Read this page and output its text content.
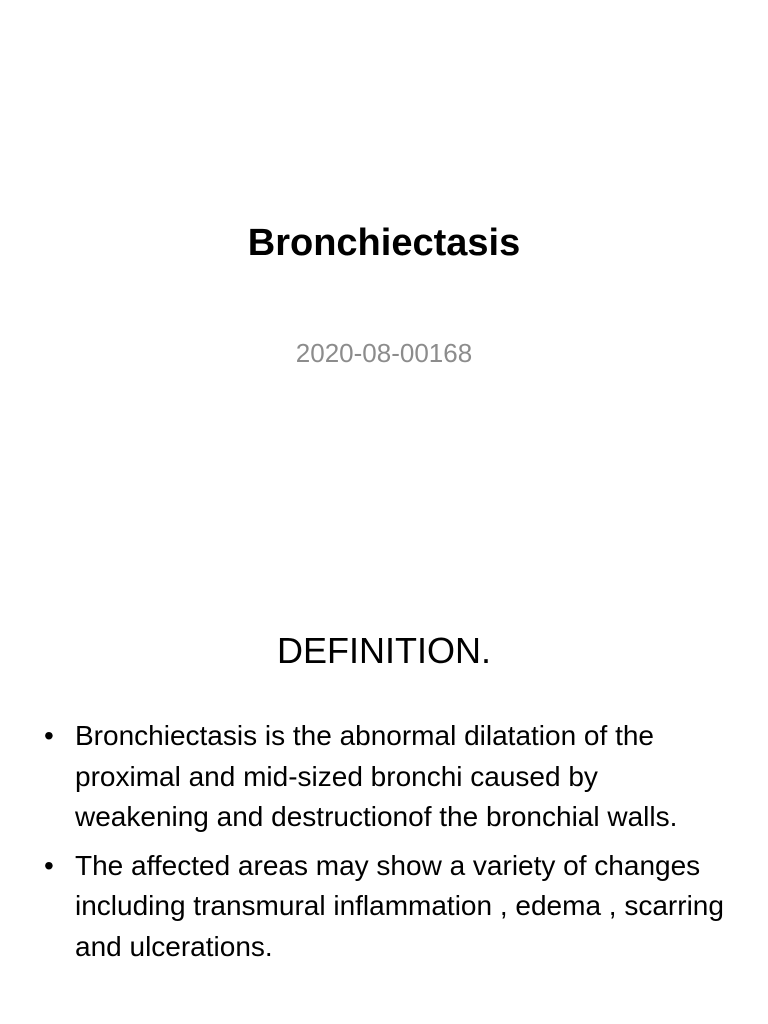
Bronchiectasis
2020-08-00168
DEFINITION.
• Bronchiectasis is the abnormal dilatation of the proximal and mid-sized bronchi caused by weakening and destructionof the bronchial walls.
• The affected areas may show a variety of changes including transmural inflammation , edema , scarring and ulcerations.
